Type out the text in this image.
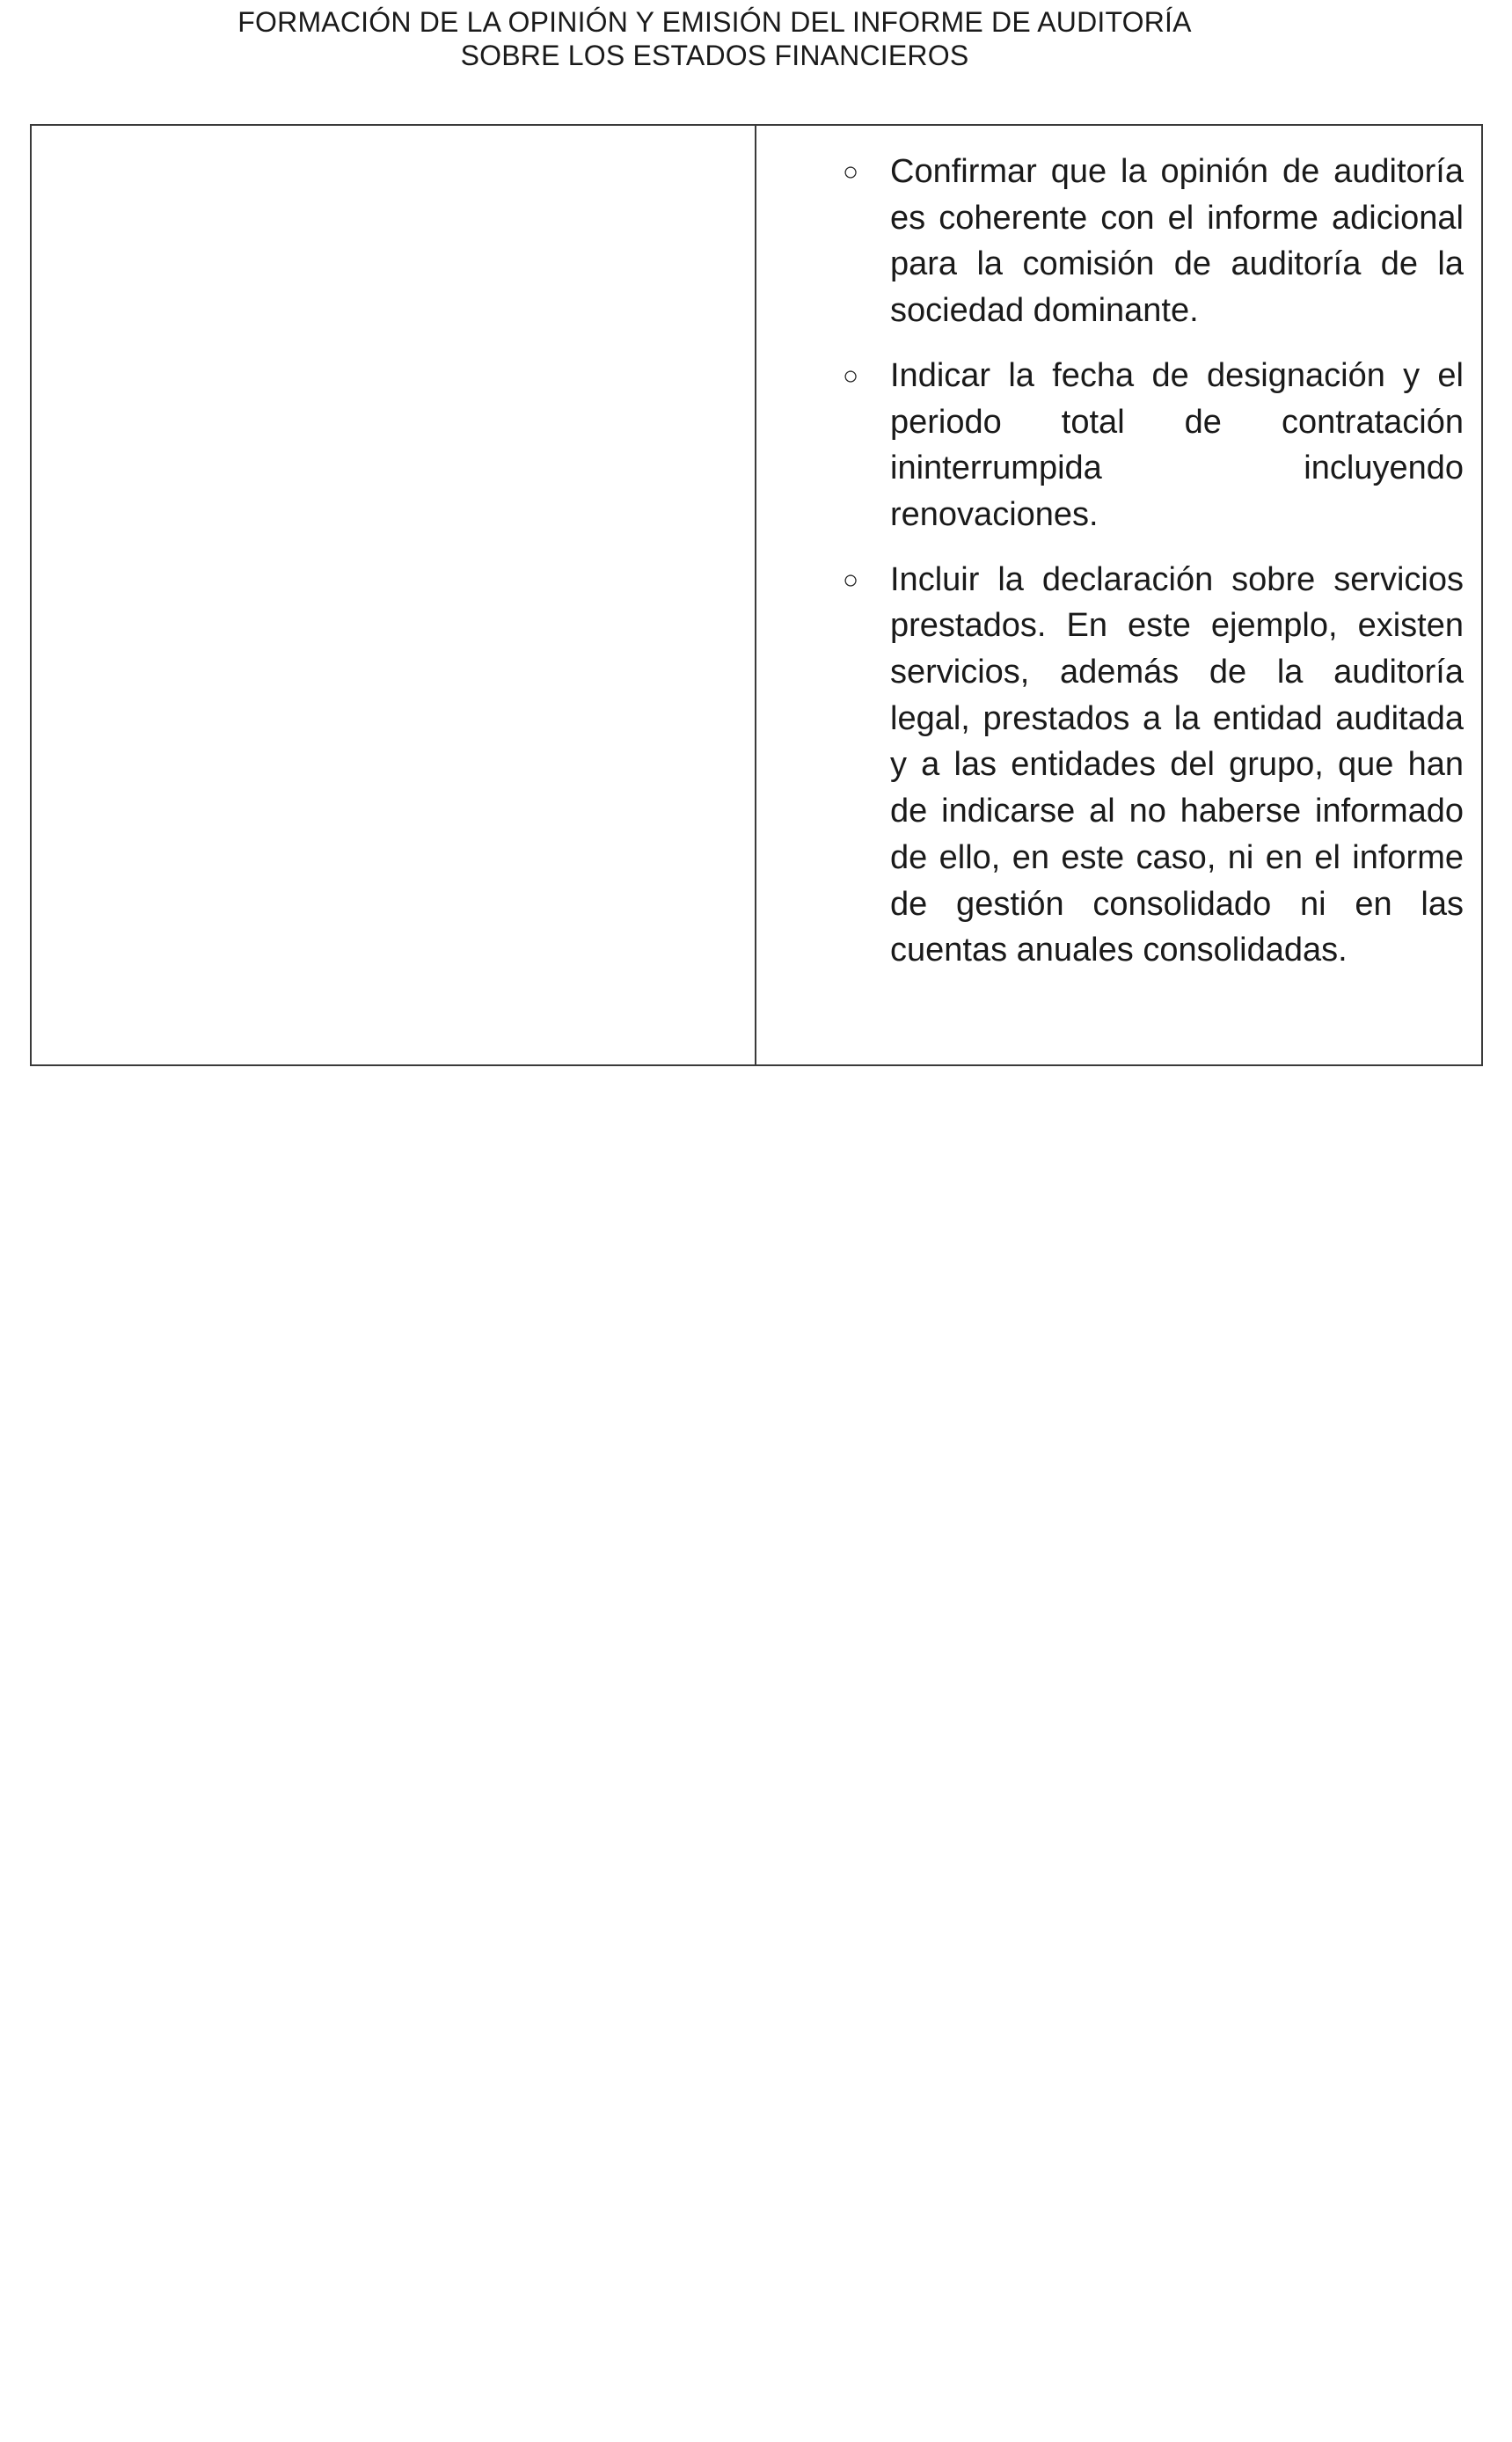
FORMACIÓN DE LA OPINIÓN Y EMISIÓN DEL INFORME DE AUDITORÍA
SOBRE LOS ESTADOS FINANCIEROS
○ Confirmar que la opinión de auditoría es coherente con el informe adicional para la comisión de auditoría de la sociedad dominante.
○ Indicar la fecha de designación y el periodo total de contratación ininterrumpida incluyendo renovaciones.
○ Incluir la declaración sobre servicios prestados. En este ejemplo, existen servicios, además de la auditoría legal, prestados a la entidad auditada y a las entidades del grupo, que han de indicarse al no haberse informado de ello, en este caso, ni en el informe de gestión consolidado ni en las cuentas anuales consolidadas.
